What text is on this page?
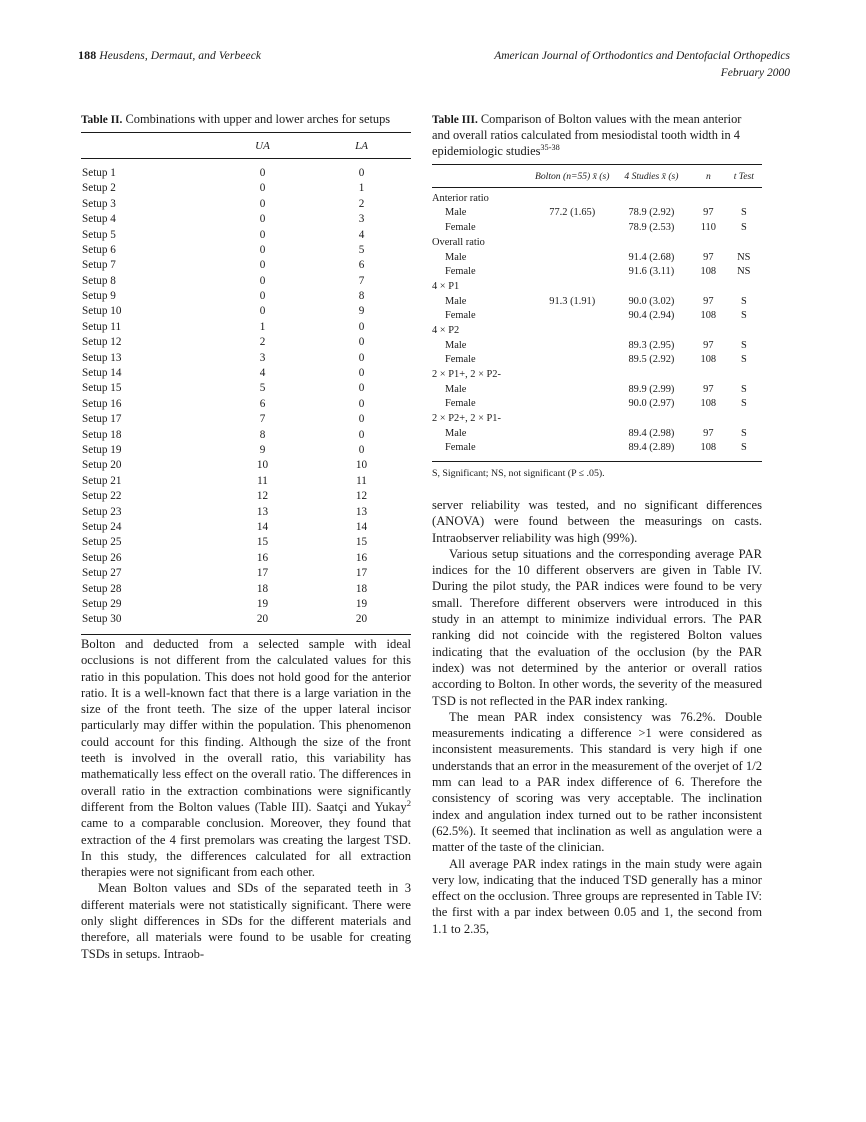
188 Heusdens, Dermaut, and Verbeeck	American Journal of Orthodontics and Dentofacial Orthopedics
February 2000
Table II. Combinations with upper and lower arches for setups
	UA	LA

Setup 1	0	0
Setup 2	0	1
Setup 3	0	2
Setup 4	0	3
Setup 5	0	4
Setup 6	0	5
Setup 7	0	6
Setup 8	0	7
Setup 9	0	8
Setup 10	0	9
Setup 11	1	0
Setup 12	2	0
Setup 13	3	0
Setup 14	4	0
Setup 15	5	0
Setup 16	6	0
Setup 17	7	0
Setup 18	8	0
Setup 19	9	0
Setup 20	10	10
Setup 21	11	11
Setup 22	12	12
Setup 23	13	13
Setup 24	14	14
Setup 25	15	15
Setup 26	16	16
Setup 27	17	17
Setup 28	18	18
Setup 29	19	19
Setup 30	20	20

Table III. Comparison of Bolton values with the mean anterior and overall ratios calculated from mesiodistal tooth width in 4 epidemiologic studies$^{35-38}$
	Bolton (n=55) x̄ (s)	4 Studies x̄ (s)	n	t Test

Anterior ratio				
Male	77.2 (1.65)	78.9 (2.92)	97	S
Female		78.9 (2.53)	110	S
Overall ratio				
Male		91.4 (2.68)	97	NS
Female		91.6 (3.11)	108	NS
4 × P1				
Male	91.3 (1.91)	90.0 (3.02)	97	S
Female		90.4 (2.94)	108	S
4 × P2				
Male		89.3 (2.95)	97	S
Female		89.5 (2.92)	108	S
2 × P1+, 2 × P2-				
Male		89.9 (2.99)	97	S
Female		90.0 (2.97)	108	S
2 × P2+, 2 × P1-				
Male		89.4 (2.98)	97	S
Female		89.4 (2.89)	108	S

S, Significant; NS, not significant (P ≤ .05).

Bolton and deducted from a selected sample with ideal occlusions is not different from the calculated values for this ratio in this population. This does not hold good for the anterior ratio. It is a well-known fact that there is a large variation in the size of the front teeth. The size of the upper lateral incisor particularly may differ within the population. This phenomenon could account for this finding. Although the size of the front teeth is involved in the overall ratio, this variability has mathematically less effect on the overall ratio. The differences in overall ratio in the extraction combinations were significantly different from the Bolton values (Table III). Saatçi and Yukay$^2$ came to a comparable conclusion. Moreover, they found that extraction of the 4 first premolars was creating the largest TSD. In this study, the differences calculated for all extraction therapies were not significant from each other.

Mean Bolton values and SDs of the separated teeth in 3 different materials were not statistically significant. There were only slight differences in SDs for the different materials and therefore, all materials were found to be usable for creating TSDs in setups. Intraob-

server reliability was tested, and no significant differences (ANOVA) were found between the measurings on casts. Intraobserver reliability was high (99%).

Various setup situations and the corresponding average PAR indices for the 10 different observers are given in Table IV. During the pilot study, the PAR indices were found to be very small. Therefore different observers were introduced in this study in an attempt to minimize individual errors. The PAR ranking did not coincide with the registered Bolton values indicating that the evaluation of the occlusion (by the PAR index) was not determined by the anterior or overall ratios according to Bolton. In other words, the severity of the measured TSD is not reflected in the PAR index ranking.

The mean PAR index consistency was 76.2%. Double measurements indicating a difference >1 were considered as inconsistent measurements. This standard is very high if one understands that an error in the measurement of the overjet of 1/2 mm can lead to a PAR index difference of 6. Therefore the consistency of scoring was very acceptable. The inclination index and angulation index turned out to be rather inconsistent (62.5%). It seemed that inclination as well as angulation were a matter of the taste of the clinician.

All average PAR index ratings in the main study were again very low, indicating that the induced TSD generally has a minor effect on the occlusion. Three groups are represented in Table IV: the first with a par index between 0.05 and 1, the second from 1.1 to 2.35,
